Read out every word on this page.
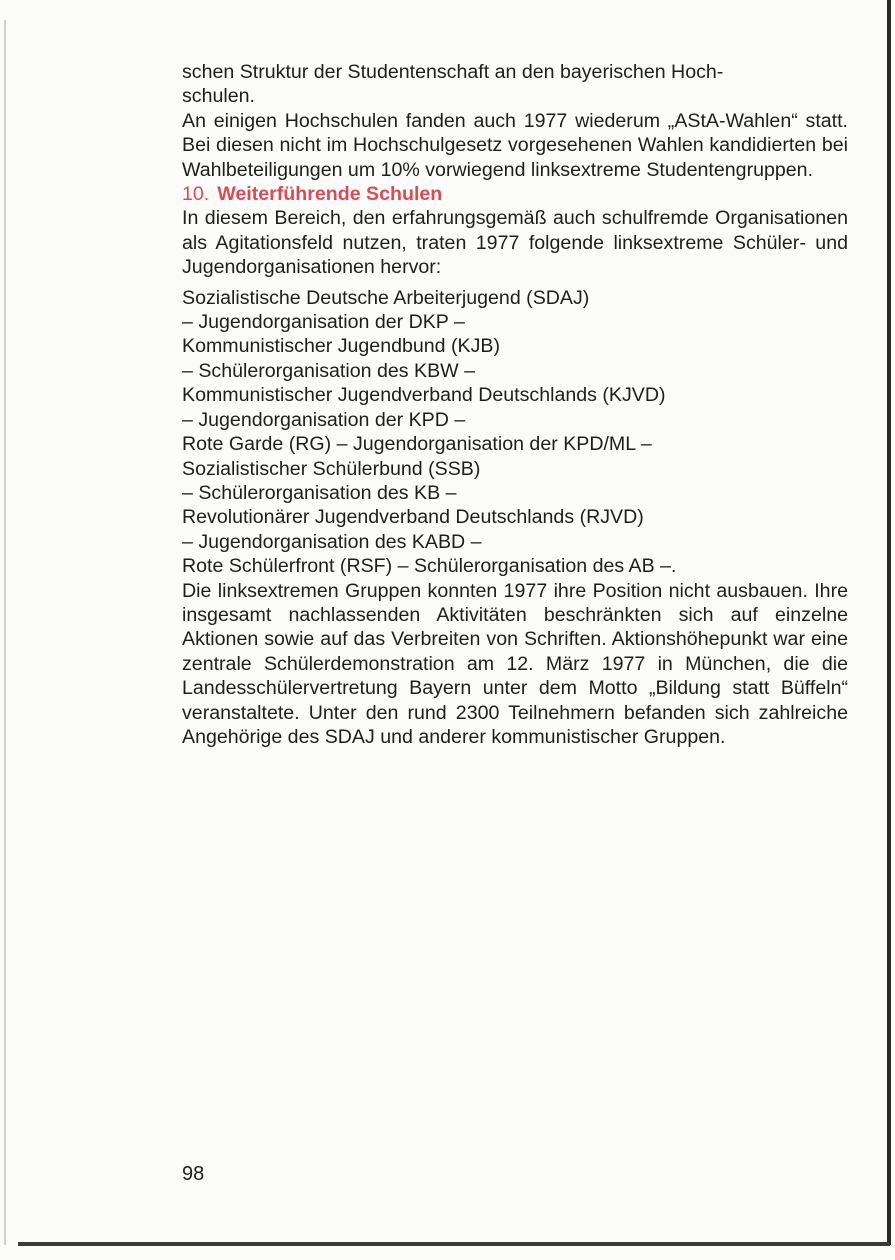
schen Struktur der Studentenschaft an den bayerischen Hoch-
schulen.

An einigen Hochschulen fanden auch 1977 wiederum „AStA-Wahlen“ statt. Bei diesen nicht im Hochschulgesetz vorgesehenen Wahlen kandidierten bei Wahlbeteiligungen um 10% vorwiegend linksextreme Studentengruppen.

10. Weiterführende Schulen

In diesem Bereich, den erfahrungsgemäß auch schulfremde Organisationen als Agitationsfeld nutzen, traten 1977 folgende linksextreme Schüler- und Jugendorganisationen hervor:

Sozialistische Deutsche Arbeiterjugend (SDAJ)
– Jugendorganisation der DKP –

Kommunistischer Jugendbund (KJB)
– Schülerorganisation des KBW –

Kommunistischer Jugendverband Deutschlands (KJVD)
– Jugendorganisation der KPD –

Rote Garde (RG) – Jugendorganisation der KPD/ML –

Sozialistischer Schülerbund (SSB)
– Schülerorganisation des KB –

Revolutionärer Jugendverband Deutschlands (RJVD)
– Jugendorganisation des KABD –

Rote Schülerfront (RSF) – Schülerorganisation des AB –.

Die linksextremen Gruppen konnten 1977 ihre Position nicht ausbauen. Ihre insgesamt nachlassenden Aktivitäten beschränkten sich auf einzelne Aktionen sowie auf das Verbreiten von Schriften. Aktionshöhepunkt war eine zentrale Schülerdemonstration am 12. März 1977 in München, die die Landesschülervertretung Bayern unter dem Motto „Bildung statt Büffeln“ veranstaltete. Unter den rund 2300 Teilnehmern befanden sich zahlreiche Angehörige des SDAJ und anderer kommunistischer Gruppen.

98
